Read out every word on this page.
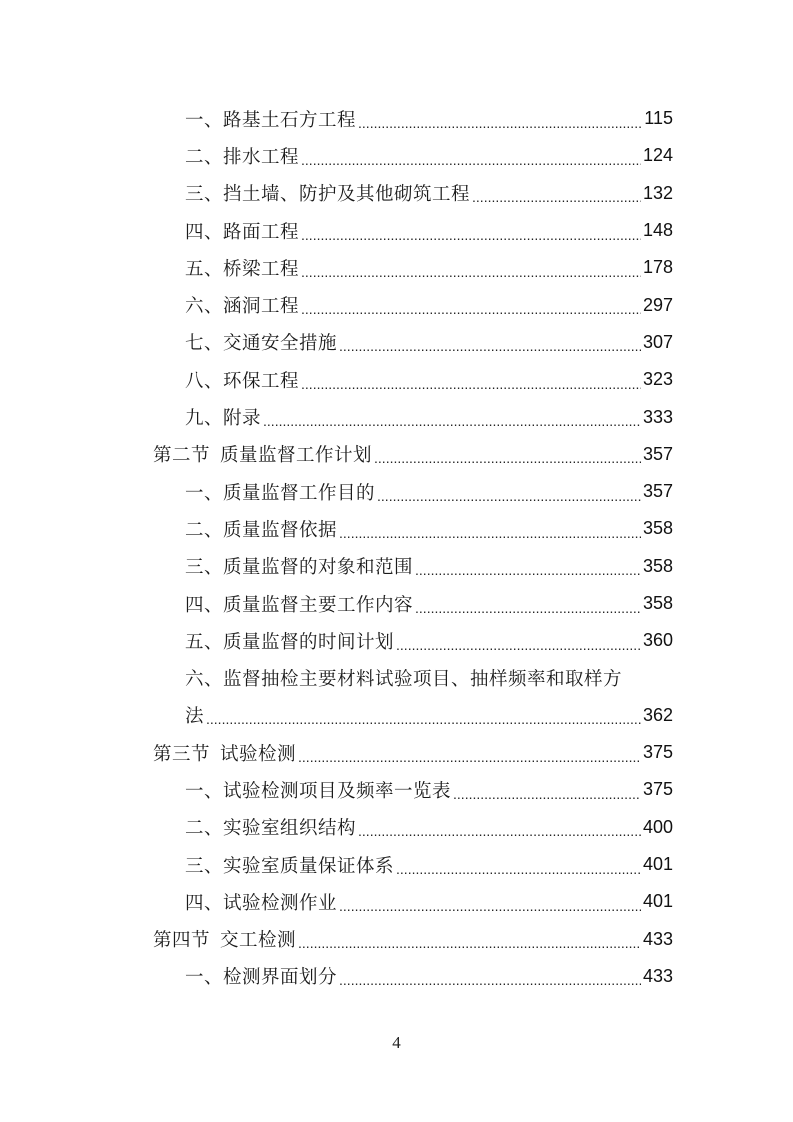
一、路基土石方工程 .....	115
二、排水工程 .....	124
三、挡土墙、防护及其他砌筑工程 .....	132
四、路面工程 .....	148
五、桥梁工程 .....	178
六、涵洞工程 .....	297
七、交通安全措施 .....	307
八、环保工程 .....	323
九、附录 .....	333
第二节 质量监督工作计划 .....	357
一、质量监督工作目的 .....	357
二、质量监督依据 .....	358
三、质量监督的对象和范围 .....	358
四、质量监督主要工作内容 .....	358
五、质量监督的时间计划 .....	360
六、监督抽检主要材料试验项目、抽样频率和取样方
法 .....	362
第三节 试验检测 .....	375
一、试验检测项目及频率一览表 .....	375
二、实验室组织结构 .....	400
三、实验室质量保证体系 .....	401
四、试验检测作业 .....	401
第四节 交工检测 .....	433
一、检测界面划分 .....	433
4
